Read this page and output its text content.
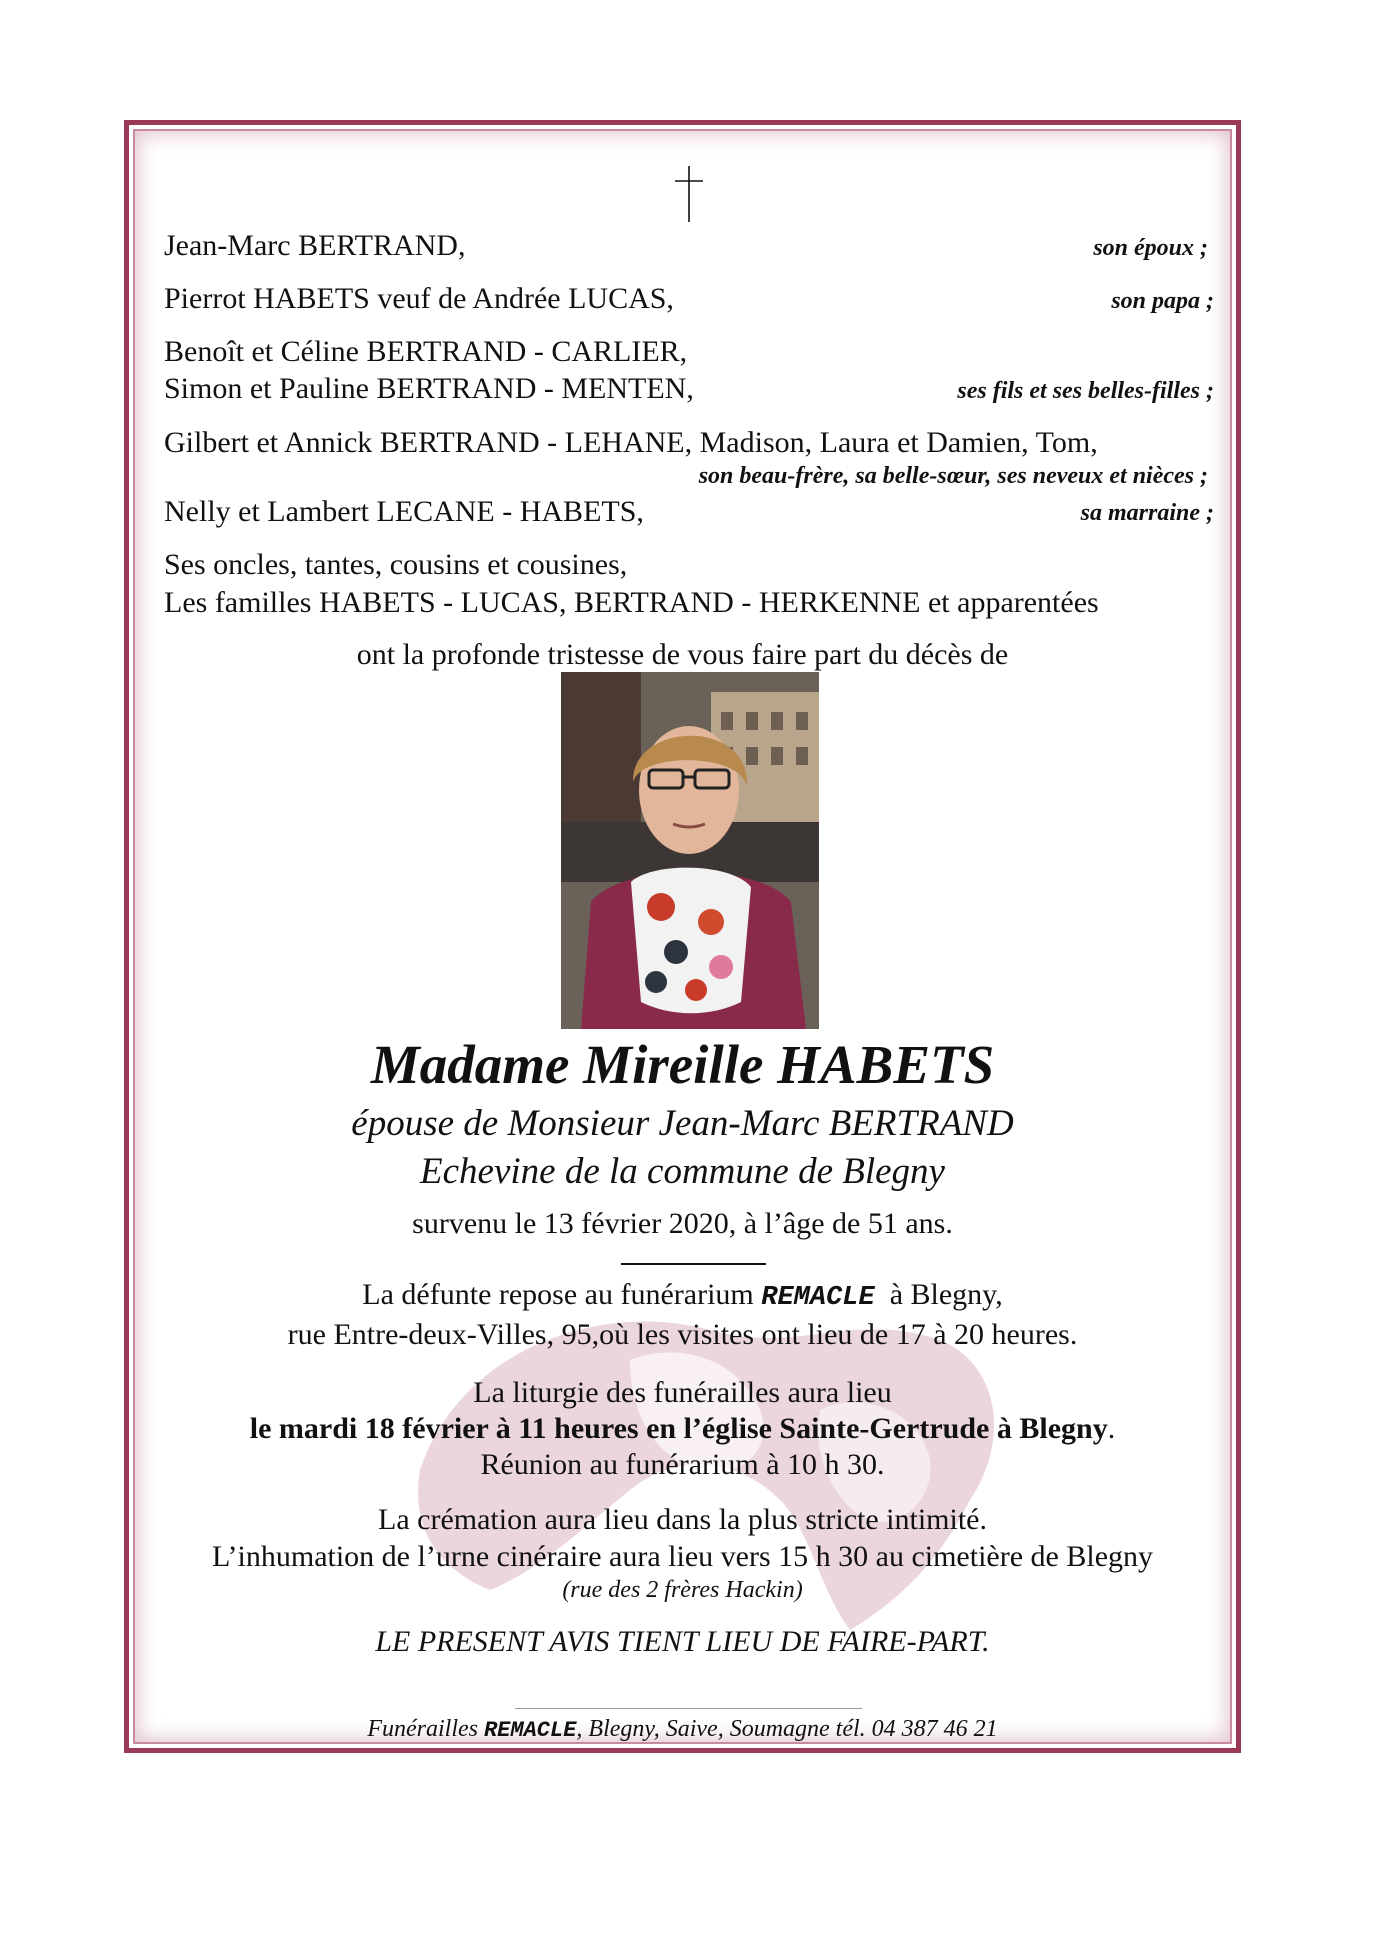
Jean-Marc BERTRAND,	son époux ;
Pierrot HABETS veuf de Andrée LUCAS,	son papa ;
Benoît et Céline BERTRAND - CARLIER,
Simon et Pauline BERTRAND - MENTEN,	ses fils et ses belles-filles ;
Gilbert et Annick BERTRAND - LEHANE, Madison, Laura et Damien, Tom,
son beau-frère, sa belle-sœur, ses neveux et nièces ;
Nelly et Lambert LECANE - HABETS,	sa marraine ;
Ses oncles, tantes, cousins et cousines,
Les familles HABETS - LUCAS, BERTRAND - HERKENNE et apparentées
ont la profonde tristesse de vous faire part du décès de
Madame Mireille HABETS
épouse de Monsieur Jean-Marc BERTRAND
Echevine de la commune de Blegny
survenu le 13 février 2020, à l’âge de 51 ans.
La défunte repose au funérarium REMACLE à Blegny,
rue Entre-deux-Villes, 95,où les visites ont lieu de 17 à 20 heures.
La liturgie des funérailles aura lieu
le mardi 18 février à 11 heures en l’église Sainte-Gertrude à Blegny.
Réunion au funérarium à 10 h 30.
La crémation aura lieu dans la plus stricte intimité.
L’inhumation de l’urne cinéraire aura lieu vers 15 h 30 au cimetière de Blegny
(rue des 2 frères Hackin)
LE PRESENT AVIS TIENT LIEU DE FAIRE-PART.
Funérailles REMACLE, Blegny, Saive, Soumagne tél. 04 387 46 21
